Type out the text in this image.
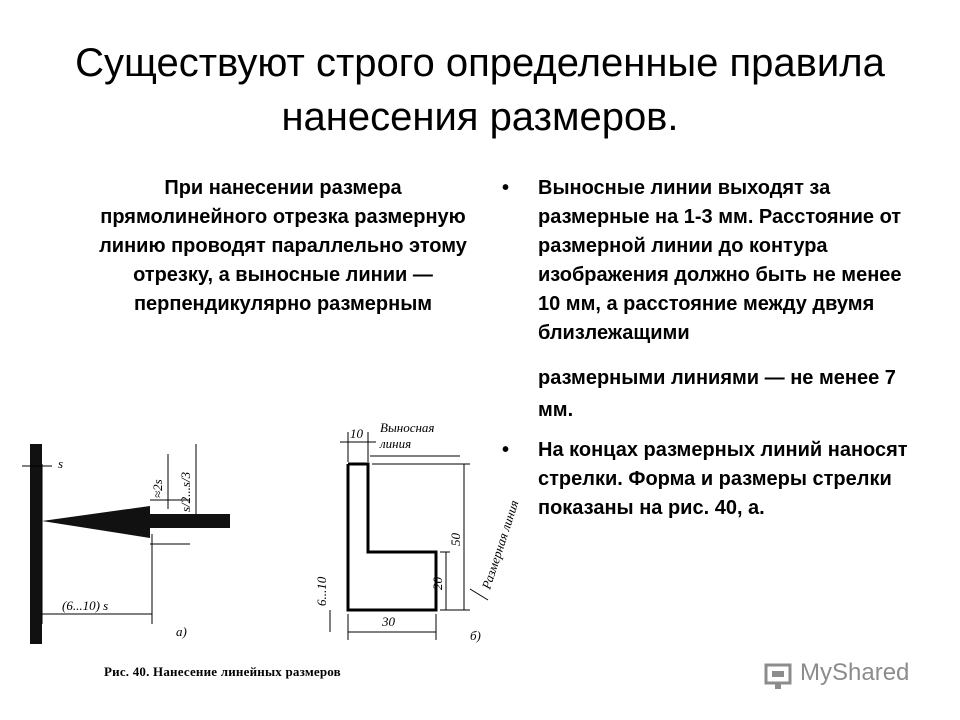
Существуют строго определенные правила нанесения размеров.
При нанесении размера прямолинейного отрезка размерную линию проводят параллельно этому отрезку, а выносные линии — перпендикулярно размерным
• Выносные линии выходят за размерные на 1-3 мм. Расстояние от размерной линии до контура изображения должно быть не менее 10 мм, а расстояние между двумя близлежащими
размерными линиями — не менее 7 мм.
• На концах размерных линий наносят стрелки. Форма и размеры стрелки показаны на рис. 40, а.
s
≈2s s/2...s/3
(6...10) s
а)
10 Выносная
линия
50
20	Размерная линия
30
6...10
б)
Рис. 40. Нанесение линейных размеров	MyShared
